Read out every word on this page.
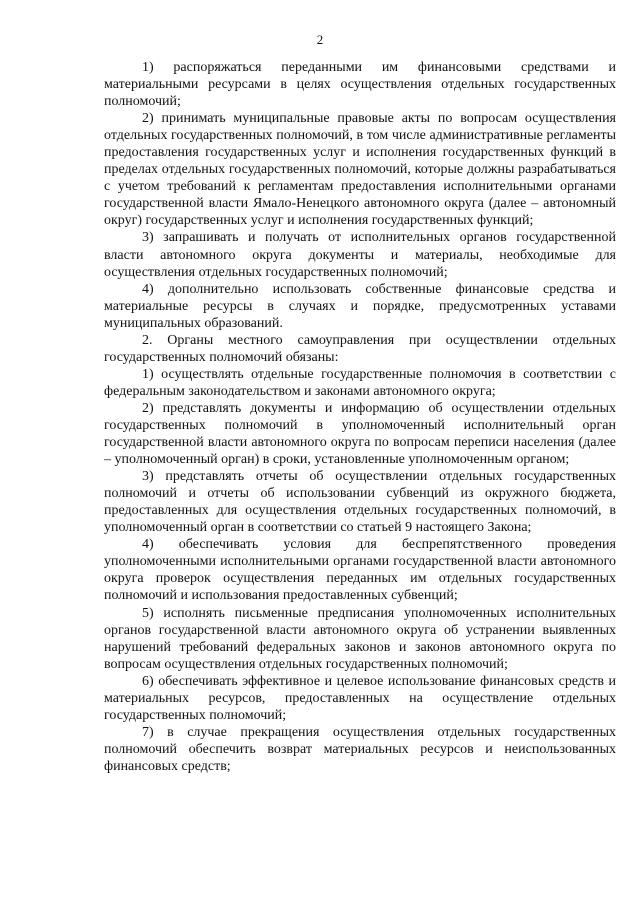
2

1) распоряжаться переданными им финансовыми средствами и материальными ресурсами в целях осуществления отдельных государственных полномочий;

2) принимать муниципальные правовые акты по вопросам осуществления отдельных государственных полномочий, в том числе административные регламенты предоставления государственных услуг и исполнения государственных функций в пределах отдельных государственных полномочий, которые должны разрабатываться с учетом требований к регламентам предоставления исполнительными органами государственной власти Ямало-Ненецкого автономного округа (далее – автономный округ) государственных услуг и исполнения государственных функций;

3) запрашивать и получать от исполнительных органов государственной власти автономного округа документы и материалы, необходимые для осуществления отдельных государственных полномочий;

4) дополнительно использовать собственные финансовые средства и материальные ресурсы в случаях и порядке, предусмотренных уставами муниципальных образований.

2. Органы местного самоуправления при осуществлении отдельных государственных полномочий обязаны:

1) осуществлять отдельные государственные полномочия в соответствии с федеральным законодательством и законами автономного округа;

2) представлять документы и информацию об осуществлении отдельных государственных полномочий в уполномоченный исполнительный орган государственной власти автономного округа по вопросам переписи населения (далее – уполномоченный орган) в сроки, установленные уполномоченным органом;

3) представлять отчеты об осуществлении отдельных государственных полномочий и отчеты об использовании субвенций из окружного бюджета, предоставленных для осуществления отдельных государственных полномочий, в уполномоченный орган в соответствии со статьей 9 настоящего Закона;

4) обеспечивать условия для беспрепятственного проведения уполномоченными исполнительными органами государственной власти автономного округа проверок осуществления переданных им отдельных государственных полномочий и использования предоставленных субвенций;

5) исполнять письменные предписания уполномоченных исполнительных органов государственной власти автономного округа об устранении выявленных нарушений требований федеральных законов и законов автономного округа по вопросам осуществления отдельных государственных полномочий;

6) обеспечивать эффективное и целевое использование финансовых средств и материальных ресурсов, предоставленных на осуществление отдельных государственных полномочий;

7) в случае прекращения осуществления отдельных государственных полномочий обеспечить возврат материальных ресурсов и неиспользованных финансовых средств;
